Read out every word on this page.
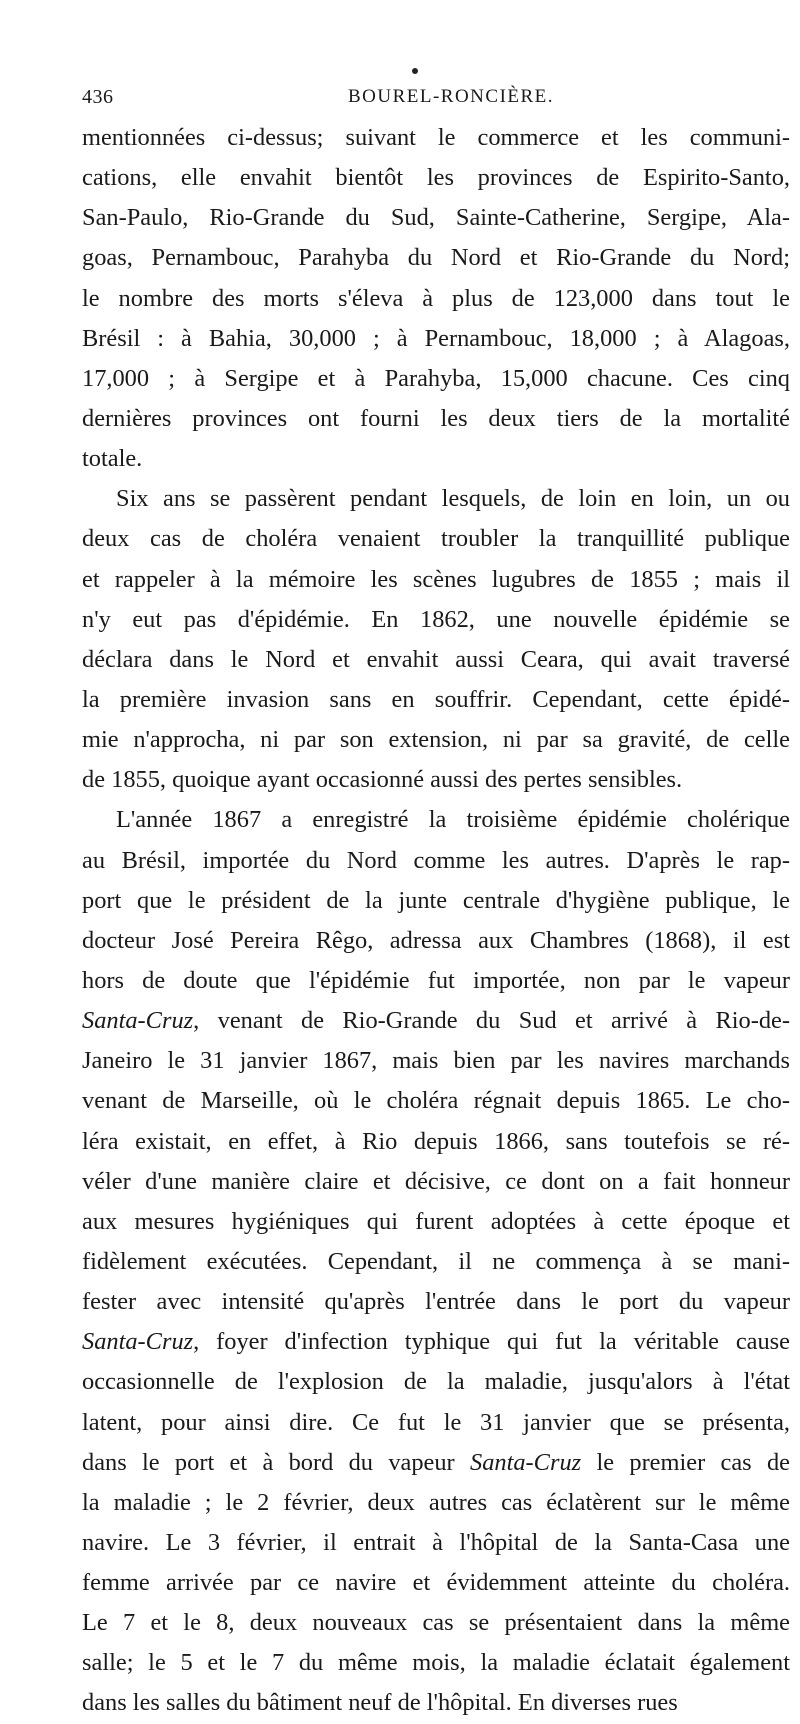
436	BOUREL-RONCIÈRE.
mentionnées ci-dessus; suivant le commerce et les communi-
cations, elle envahit bientôt les provinces de Espirito-Santo,
San-Paulo, Rio-Grande du Sud, Sainte-Catherine, Sergipe, Ala-
goas, Pernambouc, Parahyba du Nord et Rio-Grande du Nord;
le nombre des morts s'éleva à plus de 123,000 dans tout le
Brésil : à Bahia, 30,000 ; à Pernambouc, 18,000 ; à Alagoas,
17,000 ; à Sergipe et à Parahyba, 15,000 chacune. Ces cinq
dernières provinces ont fourni les deux tiers de la mortalité
totale.
Six ans se passèrent pendant lesquels, de loin en loin, un ou
deux cas de choléra venaient troubler la tranquillité publique
et rappeler à la mémoire les scènes lugubres de 1855 ; mais il
n'y eut pas d'épidémie. En 1862, une nouvelle épidémie se
déclara dans le Nord et envahit aussi Ceara, qui avait traversé
la première invasion sans en souffrir. Cependant, cette épidé-
mie n'approcha, ni par son extension, ni par sa gravité, de celle
de 1855, quoique ayant occasionné aussi des pertes sensibles.
L'année 1867 a enregistré la troisième épidémie cholérique
au Brésil, importée du Nord comme les autres. D'après le rap-
port que le président de la junte centrale d'hygiène publique, le
docteur José Pereira Rêgo, adressa aux Chambres (1868), il est
hors de doute que l'épidémie fut importée, non par le vapeur
Santa-Cruz, venant de Rio-Grande du Sud et arrivé à Rio-de-
Janeiro le 31 janvier 1867, mais bien par les navires marchands
venant de Marseille, où le choléra régnait depuis 1865. Le cho-
léra existait, en effet, à Rio depuis 1866, sans toutefois se ré-
véler d'une manière claire et décisive, ce dont on a fait honneur
aux mesures hygiéniques qui furent adoptées à cette époque et
fidèlement exécutées. Cependant, il ne commença à se mani-
fester avec intensité qu'après l'entrée dans le port du vapeur
Santa-Cruz, foyer d'infection typhique qui fut la véritable cause
occasionnelle de l'explosion de la maladie, jusqu'alors à l'état
latent, pour ainsi dire. Ce fut le 31 janvier que se présenta,
dans le port et à bord du vapeur Santa-Cruz le premier cas de
la maladie ; le 2 février, deux autres cas éclatèrent sur le même
navire. Le 3 février, il entrait à l'hôpital de la Santa-Casa une
femme arrivée par ce navire et évidemment atteinte du choléra.
Le 7 et le 8, deux nouveaux cas se présentaient dans la même
salle; le 5 et le 7 du même mois, la maladie éclatait également
dans les salles du bâtiment neuf de l'hôpital. En diverses rues
